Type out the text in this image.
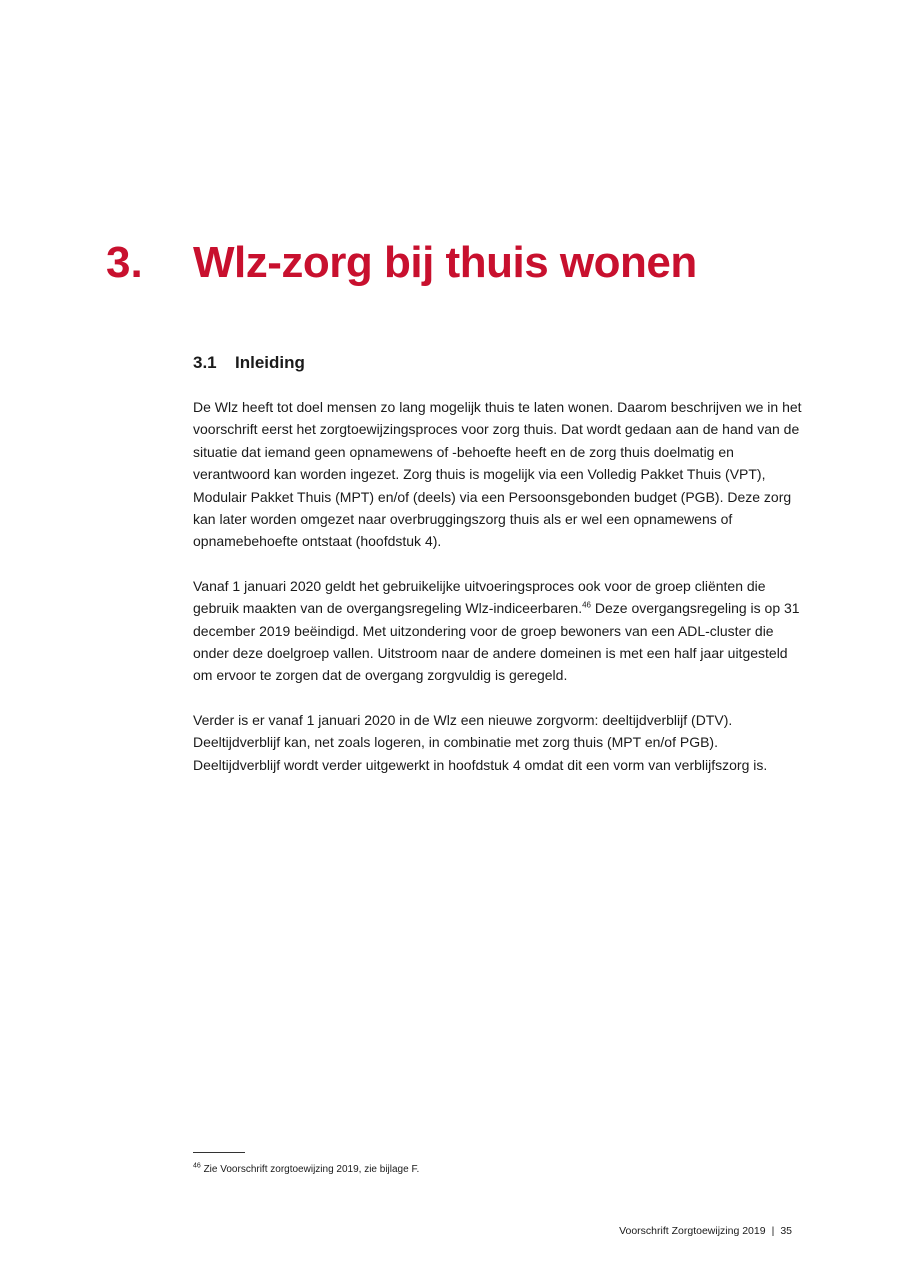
3. Wlz-zorg bij thuis wonen
3.1 Inleiding

De Wlz heeft tot doel mensen zo lang mogelijk thuis te laten wonen. Daarom beschrijven we in het voorschrift eerst het zorgtoewijzingsproces voor zorg thuis. Dat wordt gedaan aan de hand van de situatie dat iemand geen opnamewens of -behoefte heeft en de zorg thuis doelmatig en verantwoord kan worden ingezet. Zorg thuis is mogelijk via een Volledig Pakket Thuis (VPT), Modulair Pakket Thuis (MPT) en/of (deels) via een Persoonsgebonden budget (PGB). Deze zorg kan later worden omgezet naar overbruggingszorg thuis als er wel een opnamewens of opnamebehoefte ontstaat (hoofdstuk 4).

Vanaf 1 januari 2020 geldt het gebruikelijke uitvoeringsproces ook voor de groep cliënten die gebruik maakten van de overgangsregeling Wlz-indiceerbaren.$^{46}$ Deze overgangsregeling is op 31 december 2019 beëindigd. Met uitzondering voor de groep bewoners van een ADL-cluster die onder deze doelgroep vallen. Uitstroom naar de andere domeinen is met een half jaar uitgesteld om ervoor te zorgen dat de overgang zorgvuldig is geregeld.

Verder is er vanaf 1 januari 2020 in de Wlz een nieuwe zorgvorm: deeltijdverblijf (DTV). Deeltijdverblijf kan, net zoals logeren, in combinatie met zorg thuis (MPT en/of PGB). Deeltijdverblijf wordt verder uitgewerkt in hoofdstuk 4 omdat dit een vorm van verblijfszorg is.

$^{46}$ Zie Voorschrift zorgtoewijzing 2019, zie bijlage F.
Voorschrift Zorgtoewijzing 2019 | 35
